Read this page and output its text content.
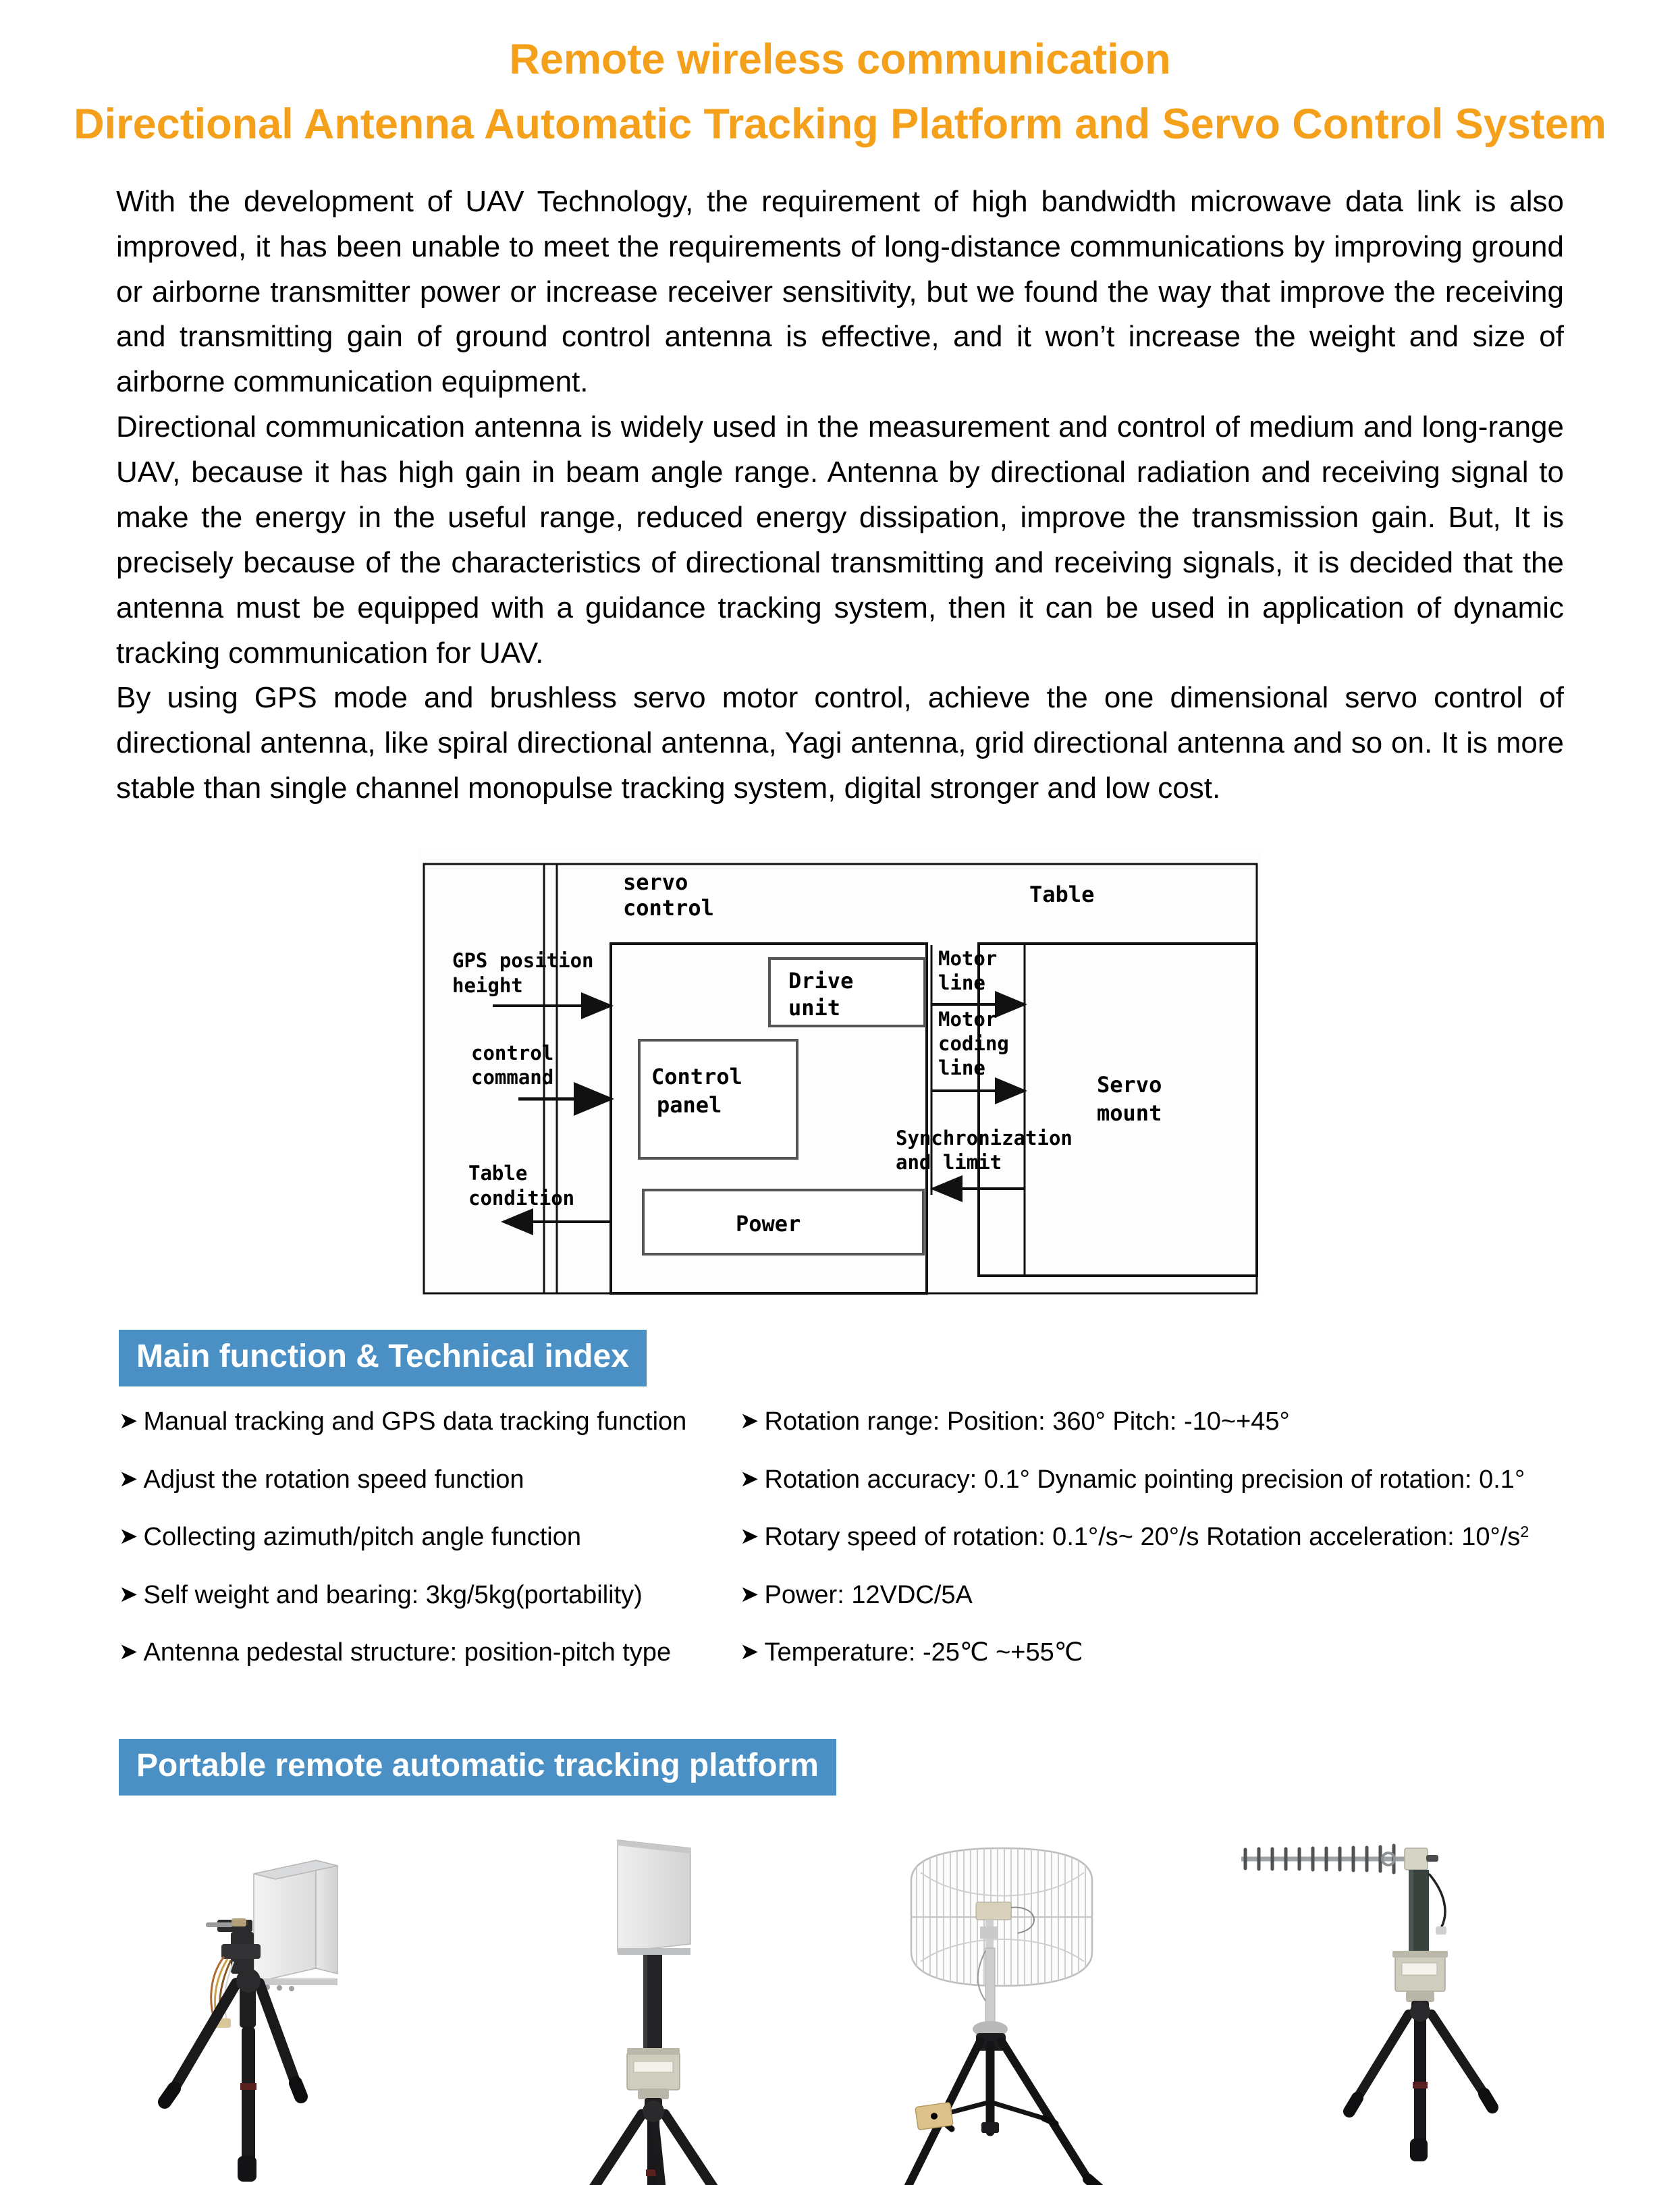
Remote wireless communication
Directional Antenna Automatic Tracking Platform and Servo Control System

With the development of UAV Technology, the requirement of high bandwidth microwave data link is also improved, it has been unable to meet the requirements of long-distance communications by improving ground or airborne transmitter power or increase receiver sensitivity, but we found the way that improve the receiving and transmitting gain of ground control antenna is effective, and it won’t increase the weight and size of airborne communication equipment.

Directional communication antenna is widely used in the measurement and control of medium and long-range UAV, because it has high gain in beam angle range. Antenna by directional radiation and receiving signal to make the energy in the useful range, reduced energy dissipation, improve the transmission gain. But, It is precisely because of the characteristics of directional transmitting and receiving signals, it is decided that the antenna must be equipped with a guidance tracking system, then it can be used in application of dynamic tracking communication for UAV.

By using GPS mode and brushless servo motor control, achieve the one dimensional servo control of directional antenna, like spiral directional antenna, Yagi antenna, grid directional antenna and so on. It is more stable than single channel monopulse tracking system, digital stronger and low cost.

servo
control
Table
Drive
unit
Control
panel
Power
Servo
mount
GPS position
height
control
command
Table
condition
Motor
line
Motor
coding
line
Synchronization
and limit
Main function & Technical index
➤ Manual tracking and GPS data tracking function
➤ Adjust the rotation speed function
➤ Collecting azimuth/pitch angle function
➤ Self weight and bearing: 3kg/5kg(portability)
➤ Antenna pedestal structure: position-pitch type
➤ Rotation range: Position: 360° Pitch: -10~+45°
➤ Rotation accuracy: 0.1° Dynamic pointing precision of rotation: 0.1°
➤ Rotary speed of rotation: 0.1°/s~ 20°/s Rotation acceleration: 10°/s 2
➤ Power: 12VDC/5A
➤ Temperature: -25℃ ~+55℃
Portable remote automatic tracking platform
